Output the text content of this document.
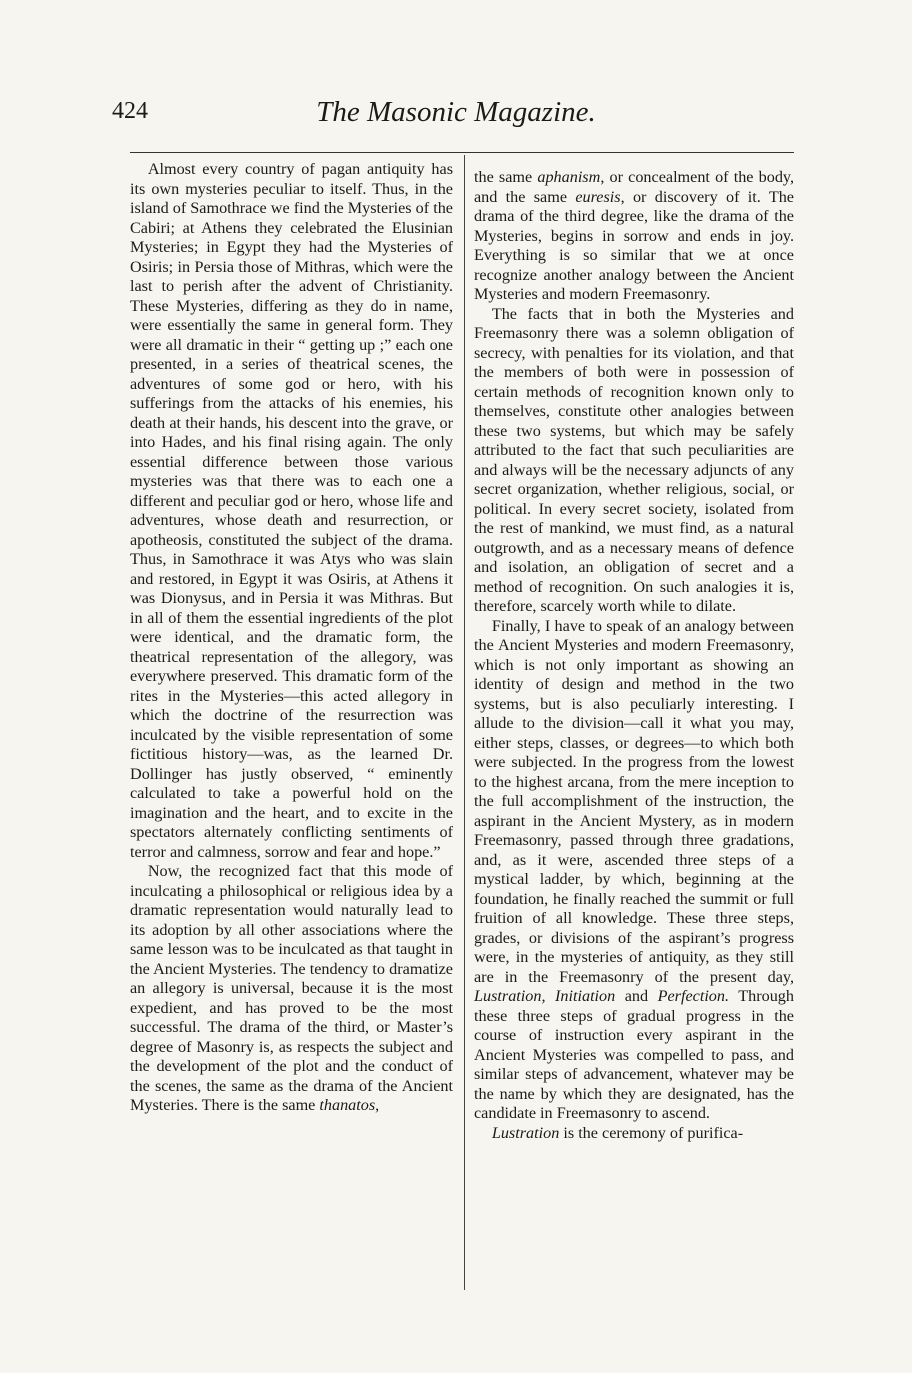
424	The Masonic Magazine.

Almost every country of pagan antiquity has its own mysteries peculiar to itself. Thus, in the island of Samothrace we find the Mysteries of the Cabiri; at Athens they celebrated the Elusinian Mysteries; in Egypt they had the Mysteries of Osiris; in Persia those of Mithras, which were the last to perish after the advent of Christianity. These Mysteries, differing as they do in name, were essentially the same in general form. They were all dramatic in their “ getting up ;” each one presented, in a series of theatrical scenes, the adventures of some god or hero, with his sufferings from the attacks of his enemies, his death at their hands, his descent into the grave, or into Hades, and his final rising again. The only essential difference between those various mysteries was that there was to each one a different and peculiar god or hero, whose life and adventures, whose death and resurrection, or apotheosis, constituted the subject of the drama. Thus, in Samothrace it was Atys who was slain and restored, in Egypt it was Osiris, at Athens it was Dionysus, and in Persia it was Mithras. But in all of them the essential ingredients of the plot were identical, and the dramatic form, the theatrical representation of the allegory, was everywhere preserved. This dramatic form of the rites in the Mysteries—this acted allegory in which the doctrine of the resurrection was inculcated by the visible representation of some fictitious history—was, as the learned Dr. Dollinger has justly observed, “ eminently calculated to take a powerful hold on the imagination and the heart, and to excite in the spectators alternately conflicting sentiments of terror and calmness, sorrow and fear and hope.”

Now, the recognized fact that this mode of inculcating a philosophical or religious idea by a dramatic representation would naturally lead to its adoption by all other associations where the same lesson was to be inculcated as that taught in the Ancient Mysteries. The tendency to dramatize an allegory is universal, because it is the most expedient, and has proved to be the most successful. The drama of the third, or Master’s degree of Masonry is, as respects the subject and the development of the plot and the conduct of the scenes, the same as the drama of the Ancient Mysteries. There is the same thanatos,

the same aphanism, or concealment of the body, and the same euresis, or discovery of it. The drama of the third degree, like the drama of the Mysteries, begins in sorrow and ends in joy. Everything is so similar that we at once recognize another analogy between the Ancient Mysteries and modern Freemasonry.

The facts that in both the Mysteries and Freemasonry there was a solemn obligation of secrecy, with penalties for its violation, and that the members of both were in possession of certain methods of recognition known only to themselves, constitute other analogies between these two systems, but which may be safely attributed to the fact that such peculiarities are and always will be the necessary adjuncts of any secret organization, whether religious, social, or political. In every secret society, isolated from the rest of mankind, we must find, as a natural outgrowth, and as a necessary means of defence and isolation, an obligation of secret and a method of recognition. On such analogies it is, therefore, scarcely worth while to dilate.

Finally, I have to speak of an analogy between the Ancient Mysteries and modern Freemasonry, which is not only important as showing an identity of design and method in the two systems, but is also peculiarly interesting. I allude to the division—call it what you may, either steps, classes, or degrees—to which both were subjected. In the progress from the lowest to the highest arcana, from the mere inception to the full accomplishment of the instruction, the aspirant in the Ancient Mystery, as in modern Freemasonry, passed through three gradations, and, as it were, ascended three steps of a mystical ladder, by which, beginning at the foundation, he finally reached the summit or full fruition of all knowledge. These three steps, grades, or divisions of the aspirant’s progress were, in the mysteries of antiquity, as they still are in the Freemasonry of the present day, Lustration, Initiation and Perfection. Through these three steps of gradual progress in the course of instruction every aspirant in the Ancient Mysteries was compelled to pass, and similar steps of advancement, whatever may be the name by which they are designated, has the candidate in Freemasonry to ascend.

Lustration is the ceremony of purifica-
